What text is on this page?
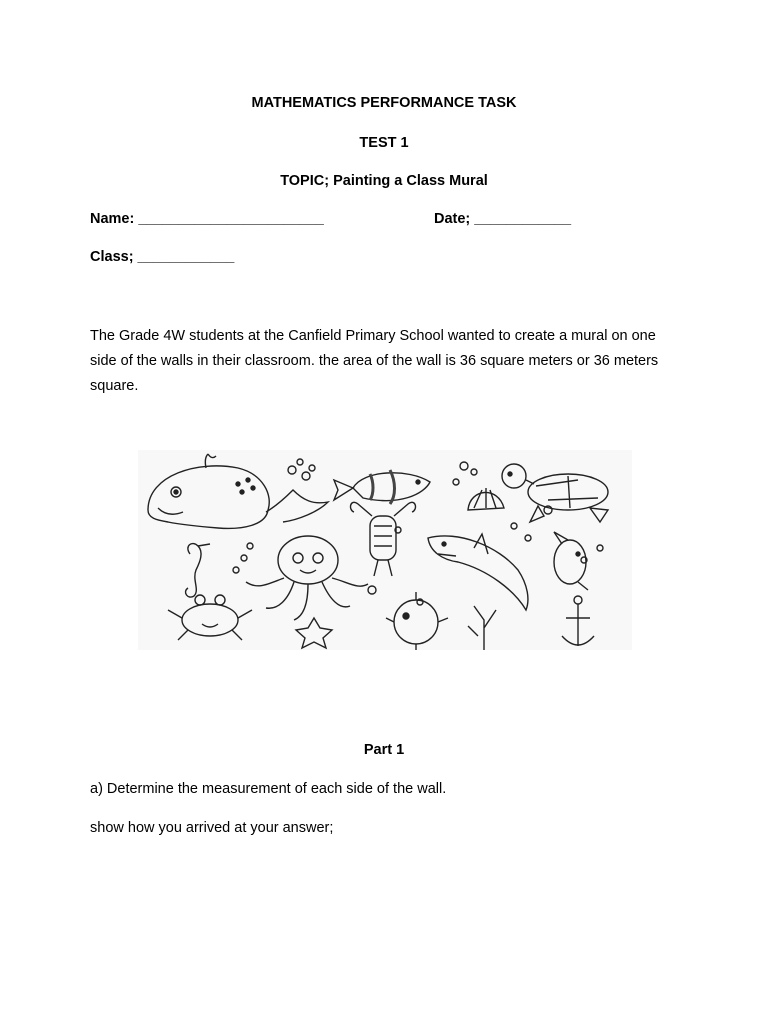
MATHEMATICS PERFORMANCE TASK
TEST 1
TOPIC; Painting a Class Mural
Name: _______________________	Date; ____________
Class; ____________
The Grade 4W students at the Canfield Primary School wanted to create a mural on one side of the walls in their classroom. the area of the wall is 36 square meters or 36 meters square.
Part 1
a) Determine the measurement of each side of the wall.
show how you arrived at your answer;
